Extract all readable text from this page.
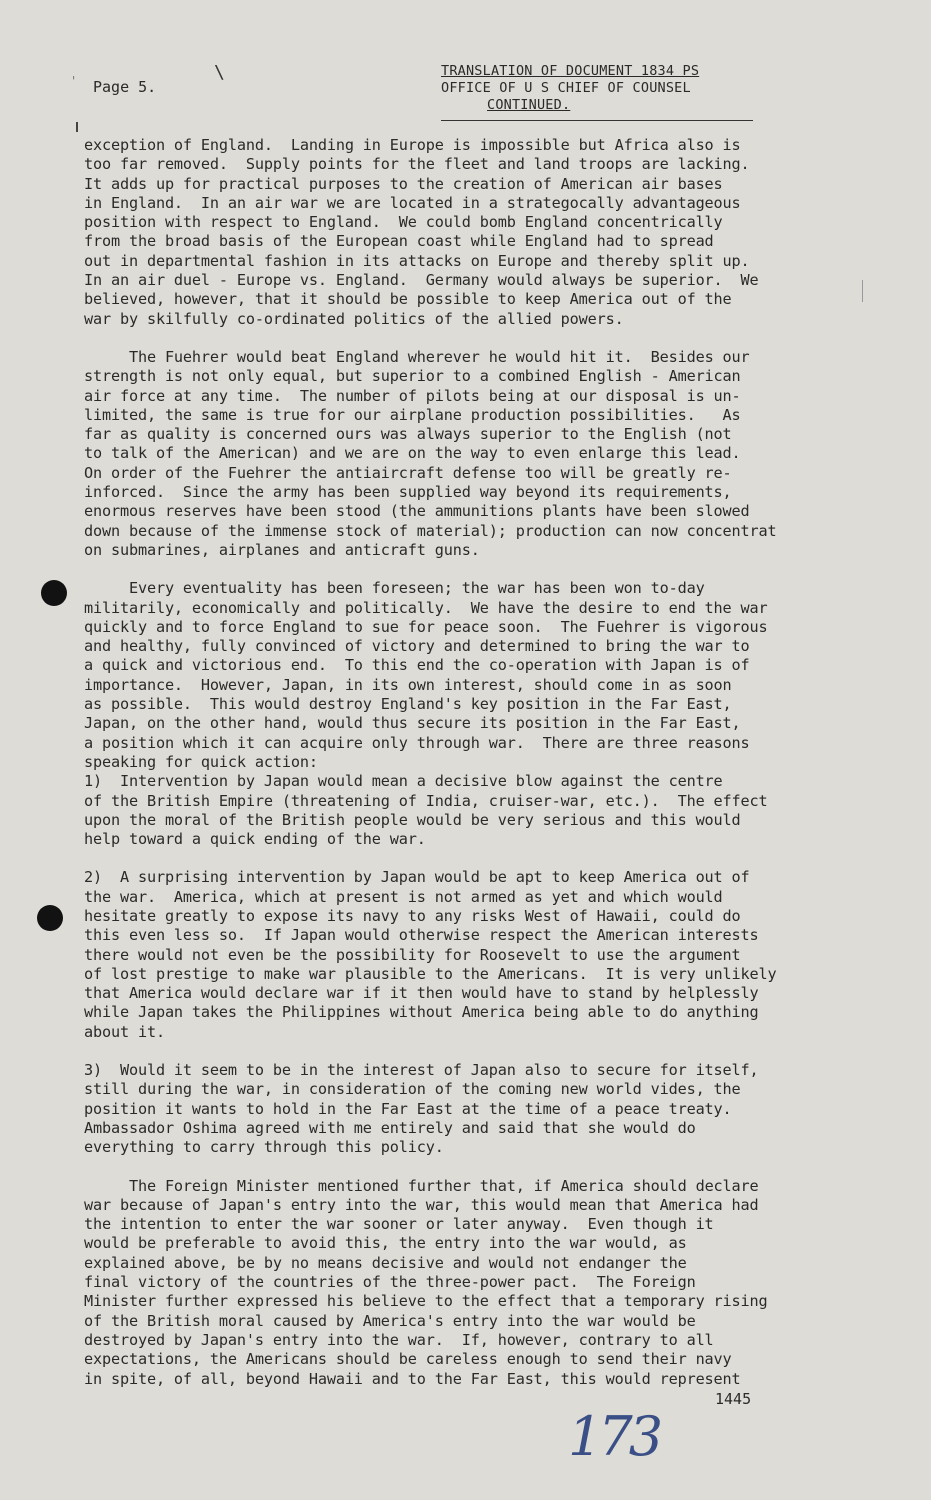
'	\
Page 5.
TRANSLATION OF DOCUMENT 1834 PS
OFFICE OF U S CHIEF OF COUNSEL
CONTINUED.

exception of England.  Landing in Europe is impossible but Africa also is
too far removed.  Supply points for the fleet and land troops are lacking.
It adds up for practical purposes to the creation of American air bases
in England.  In an air war we are located in a strategocally advantageous
position with respect to England.  We could bomb England concentrically
from the broad basis of the European coast while England had to spread
out in departmental fashion in its attacks on Europe and thereby split up.
In an air duel - Europe vs. England.  Germany would always be superior.  We
believed, however, that it should be possible to keep America out of the
war by skilfully co-ordinated politics of the allied powers.

The Fuehrer would beat England wherever he would hit it.  Besides our
strength is not only equal, but superior to a combined English - American
air force at any time.  The number of pilots being at our disposal is un-
limited, the same is true for our airplane production possibilities.   As
far as quality is concerned ours was always superior to the English (not
to talk of the American) and we are on the way to even enlarge this lead.
On order of the Fuehrer the antiaircraft defense too will be greatly re-
inforced.  Since the army has been supplied way beyond its requirements,
enormous reserves have been stood (the ammunitions plants have been slowed
down because of the immense stock of material); production can now concentrat
on submarines, airplanes and anticraft guns.

Every eventuality has been foreseen; the war has been won to-day
militarily, economically and politically.  We have the desire to end the war
quickly and to force England to sue for peace soon.  The Fuehrer is vigorous
and healthy, fully convinced of victory and determined to bring the war to
a quick and victorious end.  To this end the co-operation with Japan is of
importance.  However, Japan, in its own interest, should come in as soon
as possible.  This would destroy England's key position in the Far East,
Japan, on the other hand, would thus secure its position in the Far East,
a position which it can acquire only through war.  There are three reasons
speaking for quick action:
1)  Intervention by Japan would mean a decisive blow against the centre
of the British Empire (threatening of India, cruiser-war, etc.).  The effect
upon the moral of the British people would be very serious and this would
help toward a quick ending of the war.

2)  A surprising intervention by Japan would be apt to keep America out of
the war.  America, which at present is not armed as yet and which would
hesitate greatly to expose its navy to any risks West of Hawaii, could do
this even less so.  If Japan would otherwise respect the American interests
there would not even be the possibility for Roosevelt to use the argument
of lost prestige to make war plausible to the Americans.  It is very unlikely
that America would declare war if it then would have to stand by helplessly
while Japan takes the Philippines without America being able to do anything
about it.

3)  Would it seem to be in the interest of Japan also to secure for itself,
still during the war, in consideration of the coming new world vides, the
position it wants to hold in the Far East at the time of a peace treaty.
Ambassador Oshima agreed with me entirely and said that she would do
everything to carry through this policy.

The Foreign Minister mentioned further that, if America should declare
war because of Japan's entry into the war, this would mean that America had
the intention to enter the war sooner or later anyway.  Even though it
would be preferable to avoid this, the entry into the war would, as
explained above, be by no means decisive and would not endanger the
final victory of the countries of the three-power pact.  The Foreign
Minister further expressed his believe to the effect that a temporary rising
of the British moral caused by America's entry into the war would be
destroyed by Japan's entry into the war.  If, however, contrary to all
expectations, the Americans should be careless enough to send their navy
in spite, of all, beyond Hawaii and to the Far East, this would represent

1445
173
